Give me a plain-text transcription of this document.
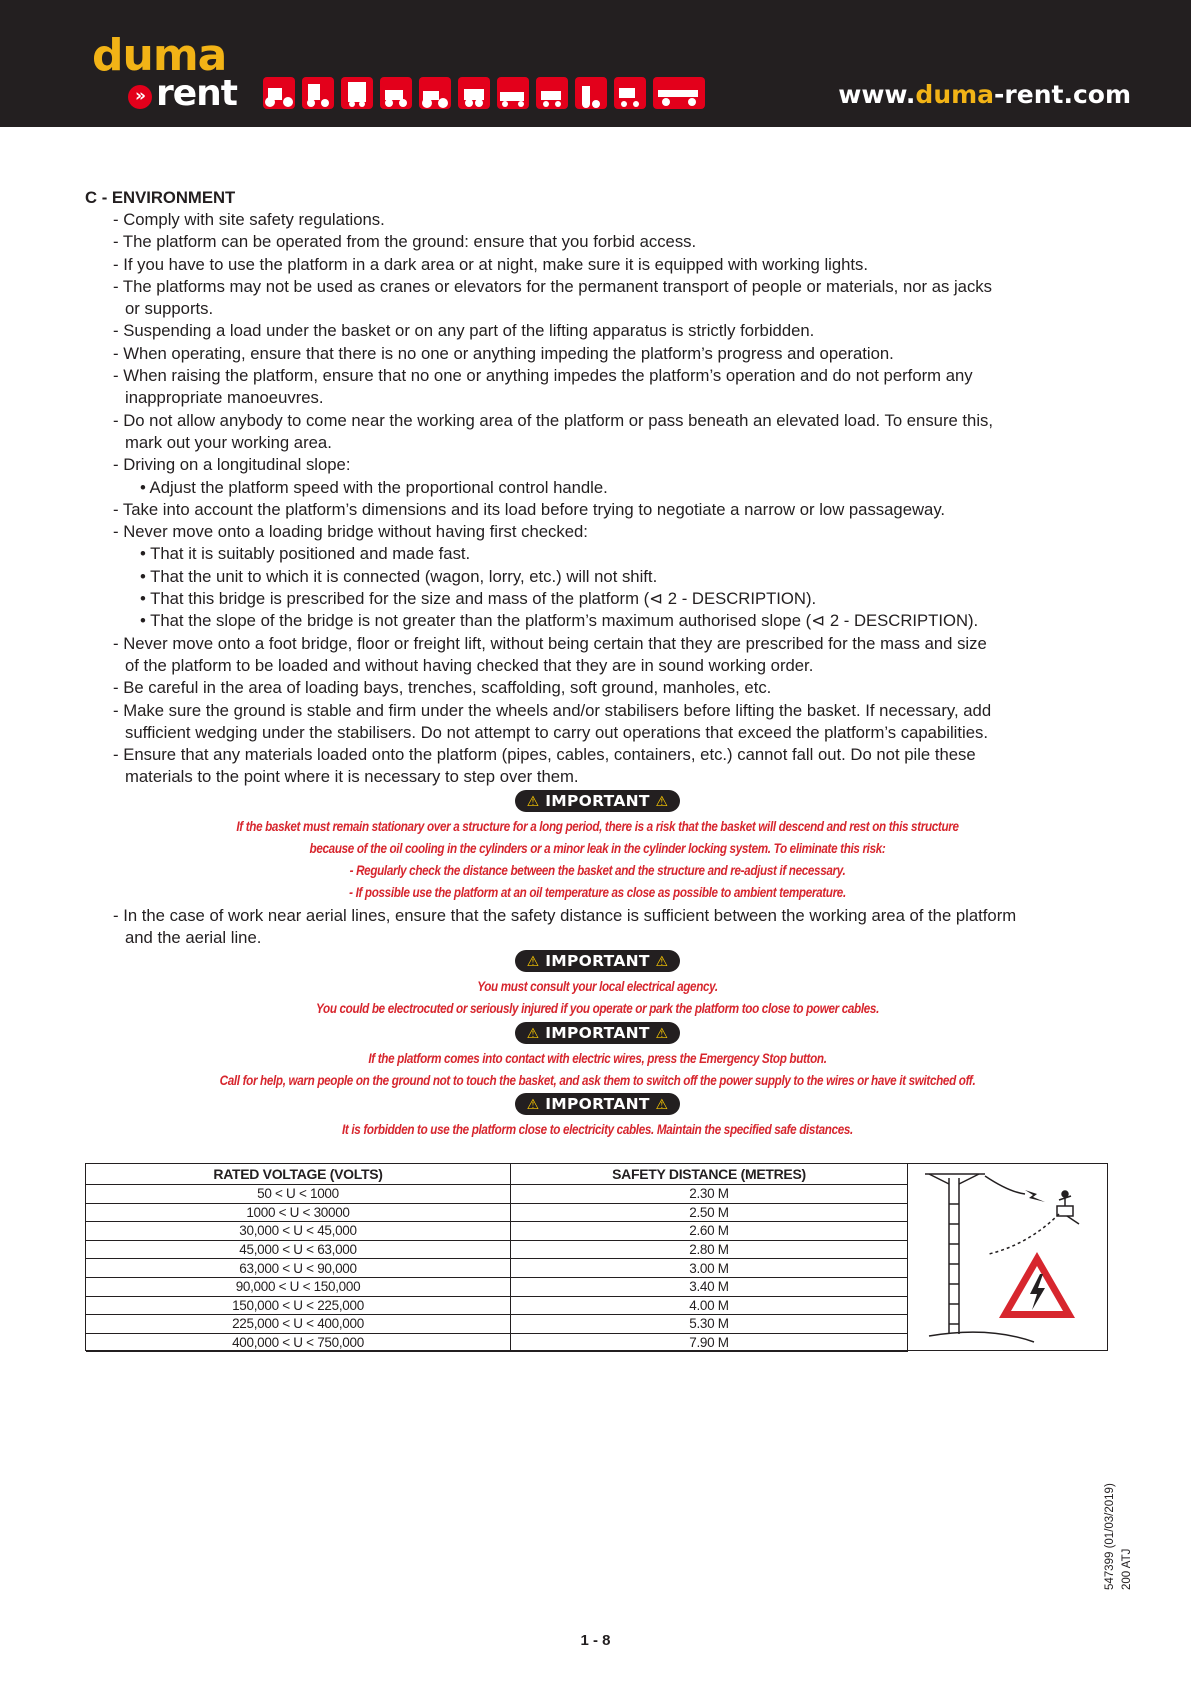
duma
» rent	www.duma-rent.com
C - ENVIRONMENT
- Comply with site safety regulations.
- The platform can be operated from the ground: ensure that you forbid access.
- If you have to use the platform in a dark area or at night, make sure it is equipped with working lights.
- The platforms may not be used as cranes or elevators for the permanent transport of people or materials, nor as jacks
or supports.
- Suspending a load under the basket or on any part of the lifting apparatus is strictly forbidden.
- When operating, ensure that there is no one or anything impeding the platform’s progress and operation.
- When raising the platform, ensure that no one or anything impedes the platform’s operation and do not perform any
inappropriate manoeuvres.
- Do not allow anybody to come near the working area of the platform or pass beneath an elevated load. To ensure this,
mark out your working area.
- Driving on a longitudinal slope:
• Adjust the platform speed with the proportional control handle.
- Take into account the platform’s dimensions and its load before trying to negotiate a narrow or low passageway.
- Never move onto a loading bridge without having first checked:
• That it is suitably positioned and made fast.
• That the unit to which it is connected (wagon, lorry, etc.) will not shift.
• That this bridge is prescribed for the size and mass of the platform (⊲ 2 - DESCRIPTION).
• That the slope of the bridge is not greater than the platform’s maximum authorised slope (⊲ 2 - DESCRIPTION).
- Never move onto a foot bridge, floor or freight lift, without being certain that they are prescribed for the mass and size
of the platform to be loaded and without having checked that they are in sound working order.
- Be careful in the area of loading bays, trenches, scaffolding, soft ground, manholes, etc.
- Make sure the ground is stable and firm under the wheels and/or stabilisers before lifting the basket. If necessary, add
sufficient wedging under the stabilisers. Do not attempt to carry out operations that exceed the platform’s capabilities.
- Ensure that any materials loaded onto the platform (pipes, cables, containers, etc.) cannot fall out. Do not pile these
materials to the point where it is necessary to step over them.
⚠ IMPORTANT ⚠
If the basket must remain stationary over a structure for a long period, there is a risk that the basket will descend and rest on this structure
because of the oil cooling in the cylinders or a minor leak in the cylinder locking system. To eliminate this risk:
- Regularly check the distance between the basket and the structure and re-adjust if necessary.
- If possible use the platform at an oil temperature as close as possible to ambient temperature.
- In the case of work near aerial lines, ensure that the safety distance is sufficient between the working area of the platform
and the aerial line.
⚠ IMPORTANT ⚠
You must consult your local electrical agency.
You could be electrocuted or seriously injured if you operate or park the platform too close to power cables.
⚠ IMPORTANT ⚠
If the platform comes into contact with electric wires, press the Emergency Stop button.
Call for help, warn people on the ground not to touch the basket, and ask them to switch off the power supply to the wires or have it switched off.
⚠ IMPORTANT ⚠
It is forbidden to use the platform close to electricity cables. Maintain the specified safe distances.
RATED VOLTAGE (VOLTS)	SAFETY DISTANCE (METRES)
50 < U < 1000	2.30 M
1000 < U < 30000	2.50 M
30,000 < U < 45,000	2.60 M
45,000 < U < 63,000	2.80 M
63,000 < U < 90,000	3.00 M
90,000 < U < 150,000	3.40 M
150,000 < U < 225,000	4.00 M
225,000 < U < 400,000	5.30 M
400,000 < U < 750,000	7.90 M
547399 (01/03/2019) 200 ATJ
1 - 8
